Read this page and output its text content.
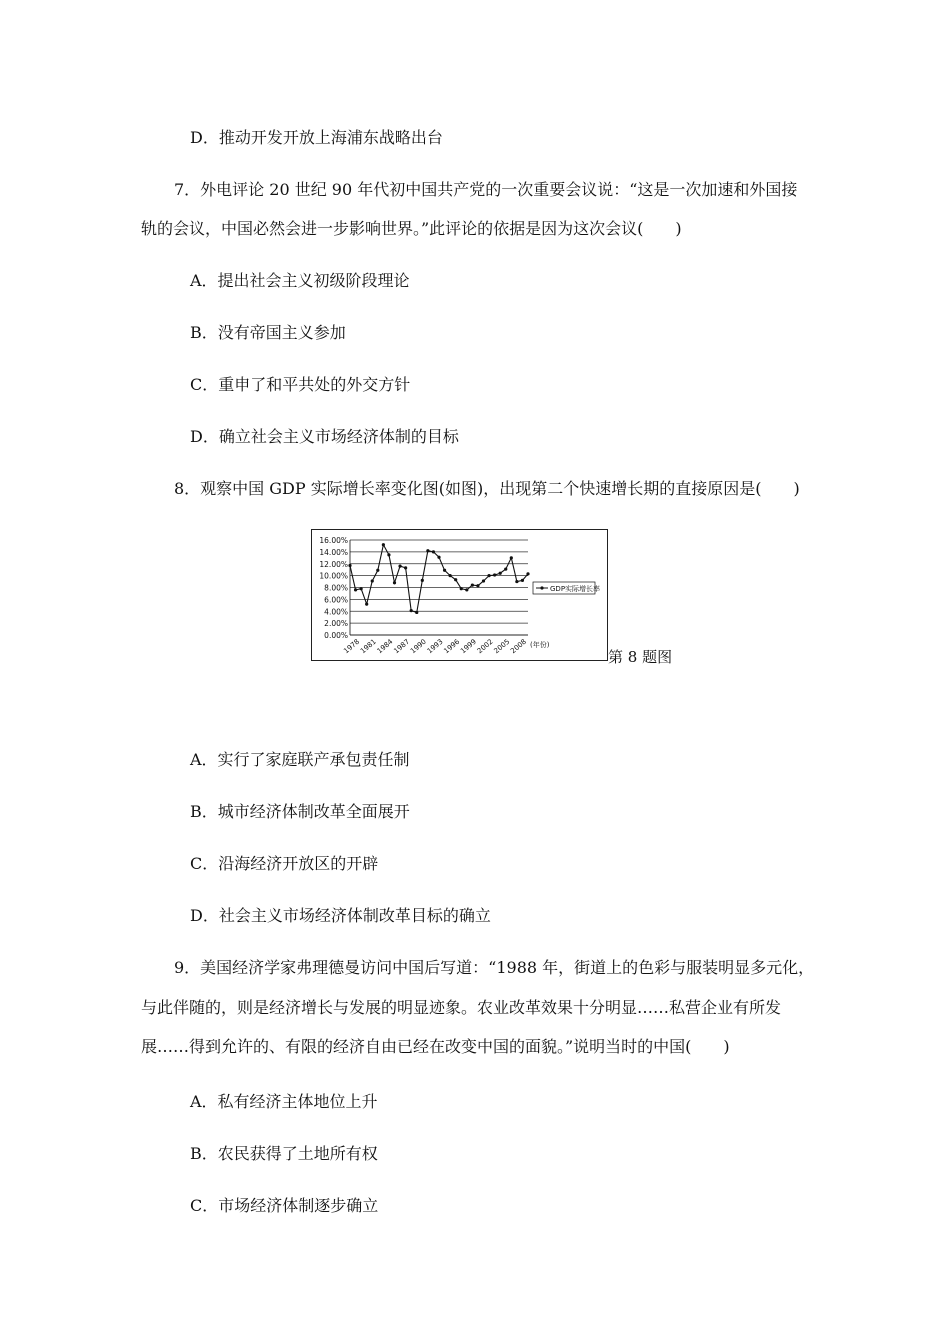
D．推动开发开放上海浦东战略出台
7．外电评论 20 世纪 90 年代初中国共产党的一次重要会议说：“这是一次加速和外国接
轨的会议，中国必然会进一步影响世界。”此评论的依据是因为这次会议(　　)
A．提出社会主义初级阶段理论
B．没有帝国主义参加
C．重申了和平共处的外交方针
D．确立社会主义市场经济体制的目标
8．观察中国 GDP 实际增长率变化图(如图)，出现第二个快速增长期的直接原因是(　　)
0.00%
2.00%
4.00%
6.00%
8.00%
10.00%
12.00%
14.00%
16.00%
1978
1981
1984
1987
1990
1993
1996
1999
2002
2005
2008 (年份)
GDP实际增长率
第 8 题图
A．实行了家庭联产承包责任制
B．城市经济体制改革全面展开
C．沿海经济开放区的开辟
D．社会主义市场经济体制改革目标的确立
9．美国经济学家弗理德曼访问中国后写道：“1988 年，街道上的色彩与服装明显多元化，
与此伴随的，则是经济增长与发展的明显迹象。农业改革效果十分明显……私营企业有所发
展……得到允许的、有限的经济自由已经在改变中国的面貌。”说明当时的中国(　　)
A．私有经济主体地位上升
B．农民获得了土地所有权
C．市场经济体制逐步确立
